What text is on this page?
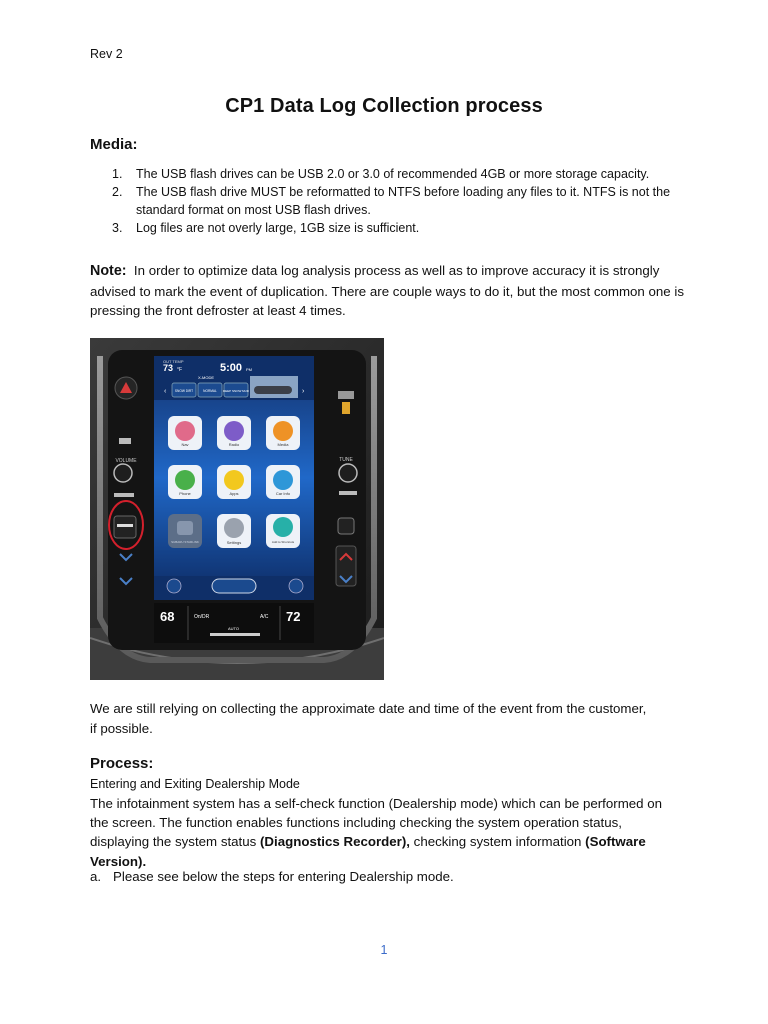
Rev 2
CP1 Data Log Collection process
Media:
1. The USB flash drives can be USB 2.0 or 3.0 of recommended 4GB or more storage capacity.
2. The USB flash drive MUST be reformatted to NTFS before loading any files to it. NTFS is not the standard format on most USB flash drives.
3. Log files are not overly large, 1GB size is sufficient.
Note: In order to optimize data log analysis process as well as to improve accuracy it is strongly advised to mark the event of duplication. There are couple ways to do it, but the most common one is pressing the front defroster at least 4 times.
VOLUME	TUNE
OUT TEMP
73 °F	5:00 PM
X-MODE
SNOW DIRT	NORMAL DEEP SNOW MUD
‹	›
Nav	Radio	Media
Phone	Apps	Car Info
SUBARU STARLINK	Settings	Add to Shortcuts
68	On/DR
AUTO
A/C 72
We are still relying on collecting the approximate date and time of the event from the customer, if possible.
Process:
Entering and Exiting Dealership Mode
The infotainment system has a self-check function (Dealership mode) which can be performed on the screen. The function enables functions including checking the system operation status, displaying the system status (Diagnostics Recorder), checking system information (Software Version).
a. Please see below the steps for entering Dealership mode.
1
